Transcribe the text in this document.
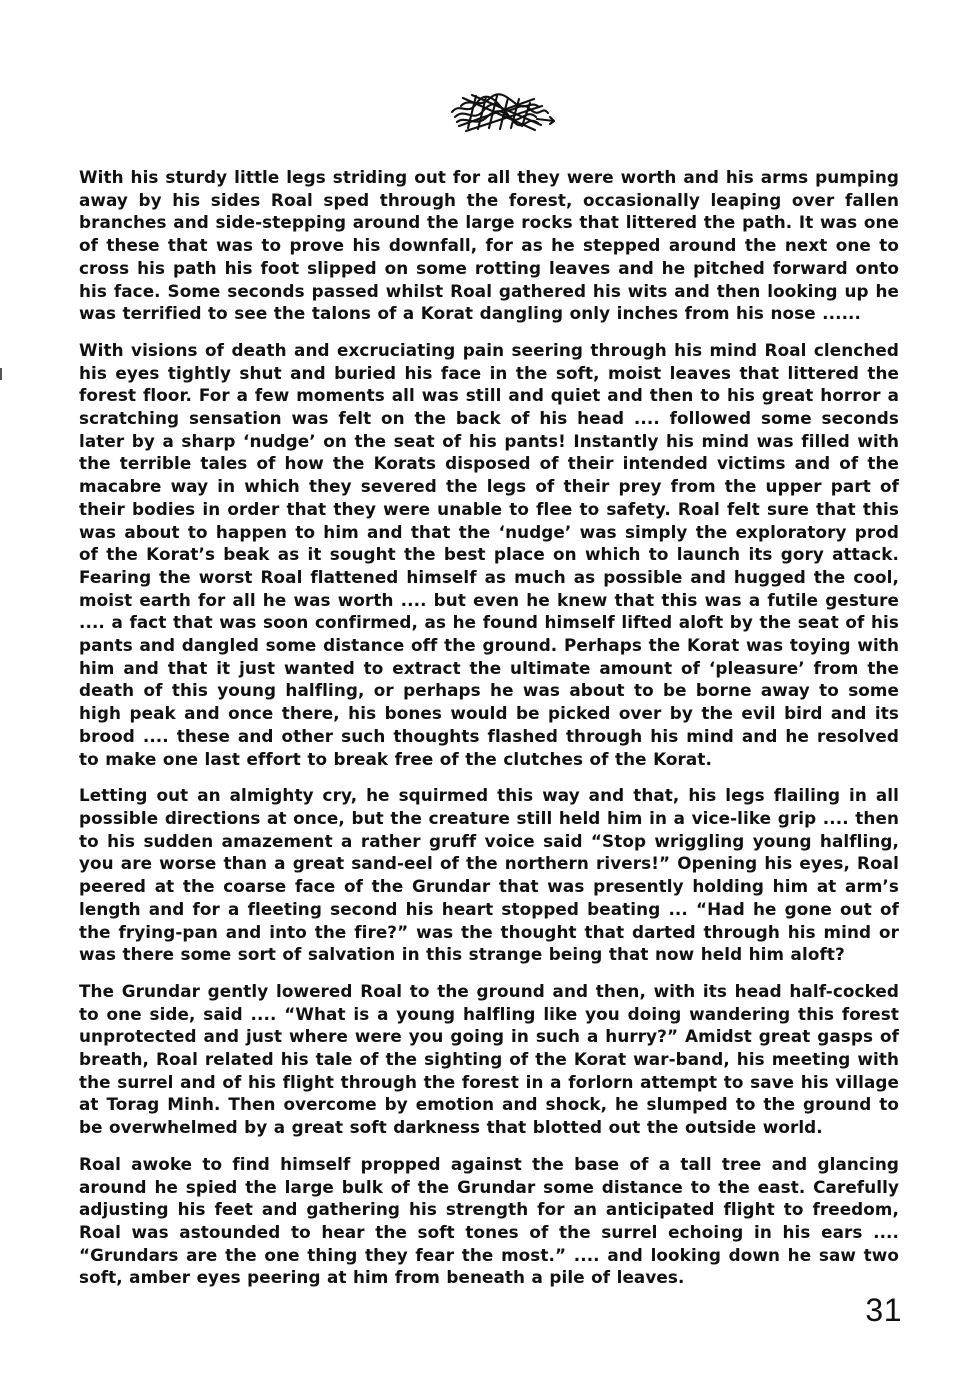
With his sturdy little legs striding out for all they were worth and his arms pumping away by his sides Roal sped through the forest, occasionally leaping over fallen branches and side-stepping around the large rocks that littered the path. It was one of these that was to prove his downfall, for as he stepped around the next one to cross his path his foot slipped on some rotting leaves and he pitched forward onto his face. Some seconds passed whilst Roal gathered his wits and then looking up he was terrified to see the talons of a Korat dangling only inches from his nose ......

With visions of death and excruciating pain seering through his mind Roal clenched his eyes tightly shut and buried his face in the soft, moist leaves that littered the forest floor. For a few moments all was still and quiet and then to his great horror a scratching sensation was felt on the back of his head .... followed some seconds later by a sharp ‘nudge’ on the seat of his pants! Instantly his mind was filled with the terrible tales of how the Korats disposed of their intended victims and of the macabre way in which they severed the legs of their prey from the upper part of their bodies in order that they were unable to flee to safety. Roal felt sure that this was about to happen to him and that the ‘nudge’ was simply the exploratory prod of the Korat’s beak as it sought the best place on which to launch its gory attack. Fearing the worst Roal flattened himself as much as possible and hugged the cool, moist earth for all he was worth .... but even he knew that this was a futile gesture .... a fact that was soon confirmed, as he found himself lifted aloft by the seat of his pants and dangled some distance off the ground. Perhaps the Korat was toying with him and that it just wanted to extract the ultimate amount of ‘pleasure’ from the death of this young halfling, or perhaps he was about to be borne away to some high peak and once there, his bones would be picked over by the evil bird and its brood .... these and other such thoughts flashed through his mind and he resolved to make one last effort to break free of the clutches of the Korat.

Letting out an almighty cry, he squirmed this way and that, his legs flailing in all possible directions at once, but the creature still held him in a vice-like grip .... then to his sudden amazement a rather gruff voice said “Stop wriggling young halfling, you are worse than a great sand-eel of the northern rivers!” Opening his eyes, Roal peered at the coarse face of the Grundar that was presently holding him at arm’s length and for a fleeting second his heart stopped beating ... “Had he gone out of the frying-pan and into the fire?” was the thought that darted through his mind or was there some sort of salvation in this strange being that now held him aloft?

The Grundar gently lowered Roal to the ground and then, with its head half-cocked to one side, said .... “What is a young halfling like you doing wandering this forest unprotected and just where were you going in such a hurry?” Amidst great gasps of breath, Roal related his tale of the sighting of the Korat war-band, his meeting with the surrel and of his flight through the forest in a forlorn attempt to save his village at Torag Minh. Then overcome by emotion and shock, he slumped to the ground to be overwhelmed by a great soft darkness that blotted out the outside world.

Roal awoke to find himself propped against the base of a tall tree and glancing around he spied the large bulk of the Grundar some distance to the east. Carefully adjusting his feet and gathering his strength for an anticipated flight to freedom, Roal was astounded to hear the soft tones of the surrel echoing in his ears .... “Grundars are the one thing they fear the most.” .... and looking down he saw two soft, amber eyes peering at him from beneath a pile of leaves.

31
